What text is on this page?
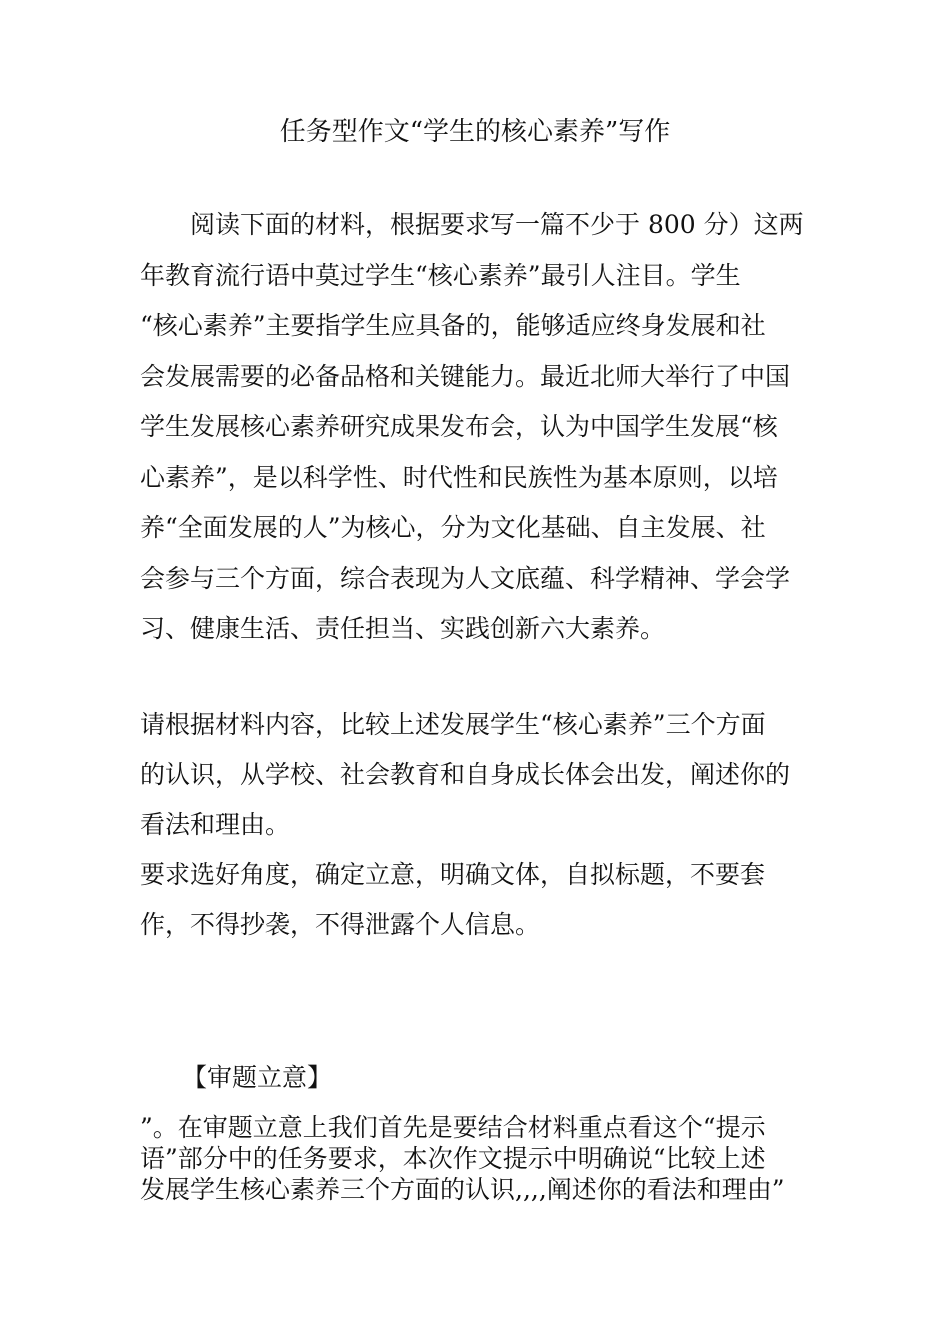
任务型作文“学生的核心素养”写作
阅读下面的材料，根据要求写一篇不少于 800 分）这两
年教育流行语中莫过学生“核心素养”最引人注目。学生
“核心素养”主要指学生应具备的，能够适应终身发展和社
会发展需要的必备品格和关键能力。最近北师大举行了中国
学生发展核心素养研究成果发布会，认为中国学生发展“核
心素养”，是以科学性、时代性和民族性为基本原则，以培
养“全面发展的人”为核心，分为文化基础、自主发展、社
会参与三个方面，综合表现为人文底蕴、科学精神、学会学
习、健康生活、责任担当、实践创新六大素养。
请根据材料内容，比较上述发展学生“核心素养”三个方面
的认识，从学校、社会教育和自身成长体会出发，阐述你的
看法和理由。
要求选好角度，确定立意，明确文体，自拟标题，不要套
作，不得抄袭，不得泄露个人信息。
【审题立意】
”。在审题立意上我们首先是要结合材料重点看这个“提示
语”部分中的任务要求，本次作文提示中明确说“比较上述
发展学生核心素养三个方面的认识,,,,阐述你的看法和理由”
